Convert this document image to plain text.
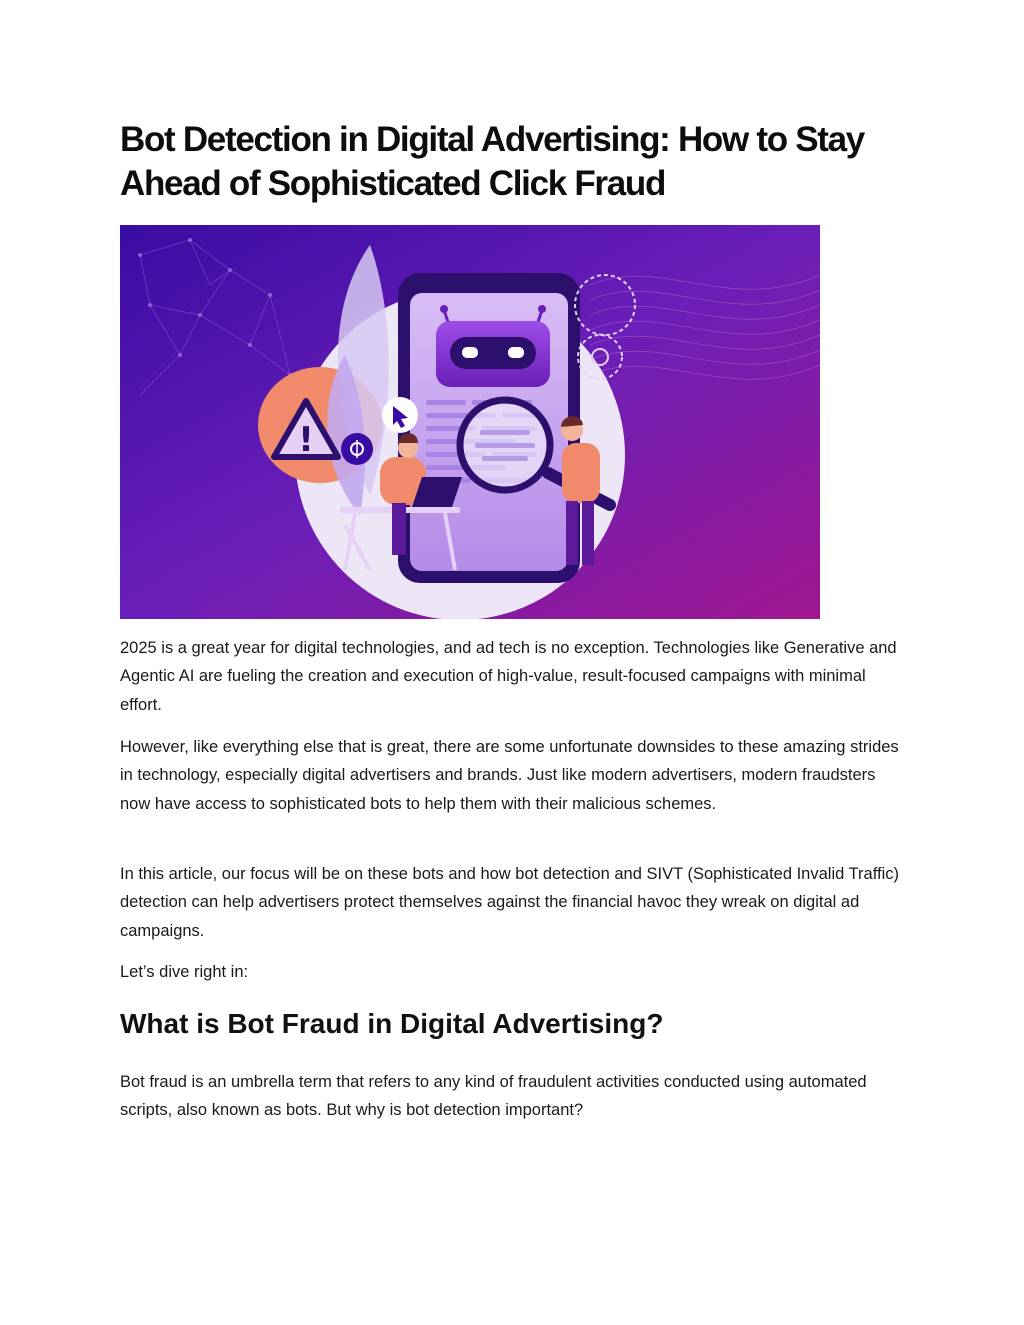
Bot Detection in Digital Advertising: How to Stay Ahead of Sophisticated Click Fraud
!

2025 is a great year for digital technologies, and ad tech is no exception. Technologies like Generative and Agentic AI are fueling the creation and execution of high-value, result-focused campaigns with minimal effort.

However, like everything else that is great, there are some unfortunate downsides to these amazing strides in technology, especially digital advertisers and brands. Just like modern advertisers, modern fraudsters now have access to sophisticated bots to help them with their malicious schemes.

In this article, our focus will be on these bots and how bot detection and SIVT (Sophisticated Invalid Traffic) detection can help advertisers protect themselves against the financial havoc they wreak on digital ad campaigns.

Let’s dive right in:

What is Bot Fraud in Digital Advertising?

Bot fraud is an umbrella term that refers to any kind of fraudulent activities conducted using automated scripts, also known as bots. But why is bot detection important?
